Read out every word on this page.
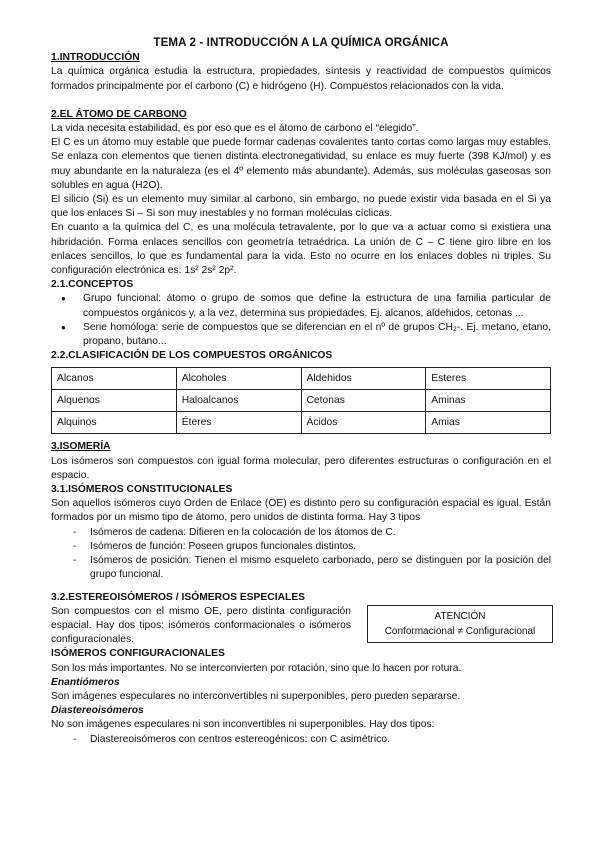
TEMA 2 - INTRODUCCIÓN A LA QUÍMICA ORGÁNICA

1.INTRODUCCIÓN

La química orgánica estudia la estructura, propiedades, síntesis y reactividad de compuestos químicos formados principalmente por el carbono (C) e hidrógeno (H). Compuestos relacionados con la vida.

2.EL ÁTOMO DE CARBONO

La vida necesita estabilidad, es por eso que es el átomo de carbono el “elegido”.

El C es un átomo muy estable que puede formar cadenas covalentes tanto cortas como largas muy estables. Se enlaza con elementos que tienen distinta electronegatividad, su enlace es muy fuerte (398 KJ/mol) y es muy abundante en la naturaleza (es el 4º elemento más abundante). Además, sus moléculas gaseosas son solubles en agua (H2O).

El silicio (Si) es un elemento muy similar al carbono, sin embargo, no puede existir vida basada en el Si ya que los enlaces Si – Si son muy inestables y no forman moléculas cíclicas.

En cuanto a la química del C, es una molécula tetravalente, por lo que va a actuar como si existiera una hibridación. Forma enlaces sencillos con geometría tetraédrica. La unión de C – C tiene giro libre en los enlaces sencillos, lo que es fundamental para la vida. Esto no ocurre en los enlaces dobles ni triples. Su configuración electrónica es: 1s² 2s² 2p².

2.1.CONCEPTOS

● Grupo funcional: átomo o grupo de somos que define la estructura de una familia particular de compuestos orgánicos y, a la vez, determina sus propiedades. Ej. alcanos, aldehidos, cetonas ...
● Serie homóloga: serie de compuestos que se diferencian en el nº de grupos CH₂-. Ej. metano, etano, propano, butano...

2.2.CLASIFICACIÓN DE LOS COMPUESTOS ORGÁNICOS

Alcanos	Alcoholes	Aldehidos	Esteres
Alquenos	Haloalcanos	Cetonas	Aminas
Alquinos	Éteres	Ácidos	Amias

3.ISOMERÍA

Los isómeros son compuestos con igual forma molecular, pero diferentes estructuras o configuración en el espacio.

3.1.ISÓMEROS CONSTITUCIONALES

Son aquellos isómeros cuyo Orden de Enlace (OE) es distinto pero su configuración espacial es igual. Están formados por un mismo tipo de átomo, pero unidos de distinta forma. Hay 3 tipos

- Isómeros de cadena: Difieren en la colocación de los átomos de C.
- Isómeros de función: Poseen grupos funcionales distintos.
- Isómeros de posición: Tienen el mismo esqueleto carbonado, pero se distinguen por la posición del grupo funcional.

3.2.ESTEREOISÓMEROS / ISÓMEROS ESPECIALES

Son compuestos con el mismo OE, pero distinta configuración espacial. Hay dos tipos: isómeros conformacionales o isómeros configuracionales.

ATENCIÓN
Conformacional ≠ Configuracional

ISÓMEROS CONFIGURACIONALES

Son los más importantes. No se interconvierten por rotación, sino que lo hacen por rotura.

Enantiómeros

Son imágenes especulares no interconvertibles ni superponibles, pero pueden separarse.

Diastereoisómeros

No son imágenes especulares ni son inconvertibles ni superponibles. Hay dos tipos:

- Diastereoisómeros con centros estereogénicos: con C asimétrico.
